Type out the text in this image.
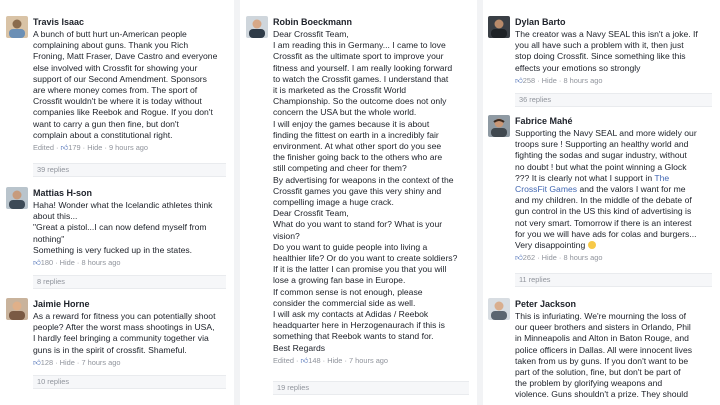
Travis Isaac
A bunch of butt hurt un-American people
complaining about guns. Thank you Rich
Froning, Matt Fraser, Dave Castro and everyone
else involved with Crossfit for showing your
support of our Second Amendment. Sponsors
are where money comes from. The sport of
Crossfit wouldn't be where it is today without
companies like Reebok and Rogue. If you don't
want to carry a gun then fine, but don't
complain about a constitutional right.
Edited · 👍︎179 · Hide · 9 hours ago
39 replies
Mattias H-son
Haha! Wonder what the Icelandic athletes think
about this...
"Great a pistol...I can now defend myself from
nothing"
Something is very fucked up in the states.
👍︎180 · Hide · 8 hours ago
8 replies
Jaimie Horne
As a reward for fitness you can potentially shoot
people? After the worst mass shootings in USA,
I hardly feel bringing a community together via
guns is in the spirit of crossfit. Shameful.
👍︎128 · Hide · 7 hours ago
10 replies
Robin Boeckmann
Dear Crossfit Team,
I am reading this in Germany... I came to love
Crossfit as the ultimate sport to improve your
fitness and yourself. I am really looking forward
to watch the Crossfit games. I understand that
it is marketed as the Crossfit World
Championship. So the outcome does not only
concern the USA but the whole world.
I will enjoy the games because it is about
finding the fittest on earth in a incredibly fair
environment. At what other sport do you see
the finisher going back to the others who are
still competing and cheer for them?
By advertising for weapons in the context of the
Crossfit games you gave this very shiny and
compelling image a huge crack.
Dear Crossfit Team,
What do you want to stand for? What is your
vision?
Do you want to guide people into living a
healthier life? Or do you want to create soldiers?
If it is the latter I can promise you that you will
lose a growing fan base in Europe.
If common sense is not enough, please
consider the commercial side as well.
I will ask my contacts at Adidas / Reebok
headquarter here in Herzogenaurach if this is
something that Reebok wants to stand for.
Best Regards
Edited · 👍︎148 · Hide · 7 hours ago
19 replies
Dylan Barto
The creator was a Navy SEAL this isn't a joke. If
you all have such a problem with it, then just
stop doing Crossfit. Since something like this
effects your emotions so strongly
👍︎258 · Hide · 8 hours ago
36 replies
Fabrice Mahé
Supporting the Navy SEAL and more widely our
troops sure ! Supporting an healthy world and
fighting the sodas and sugar industry, without
no doubt ! but what the point winning a Glock
??? It is clearly not what I support in The
CrossFit Games and the valors I want for me
and my children. In the middle of the debate of
gun control in the US this kind of advertising is
not very smart. Tomorrow if there is an interest
for you we will have ads for colas and burgers...
Very disappointing
👍︎262 · Hide · 8 hours ago
11 replies
Peter Jackson
This is infuriating. We're mourning the loss of
our queer brothers and sisters in Orlando, Phil
in Minneapolis and Alton in Baton Rouge, and
police officers in Dallas. All were innocent lives
taken from us by guns. If you don't want to be
part of the solution, fine, but don't be part of
the problem by glorifying weapons and
violence. Guns shouldn't a prize. They should
